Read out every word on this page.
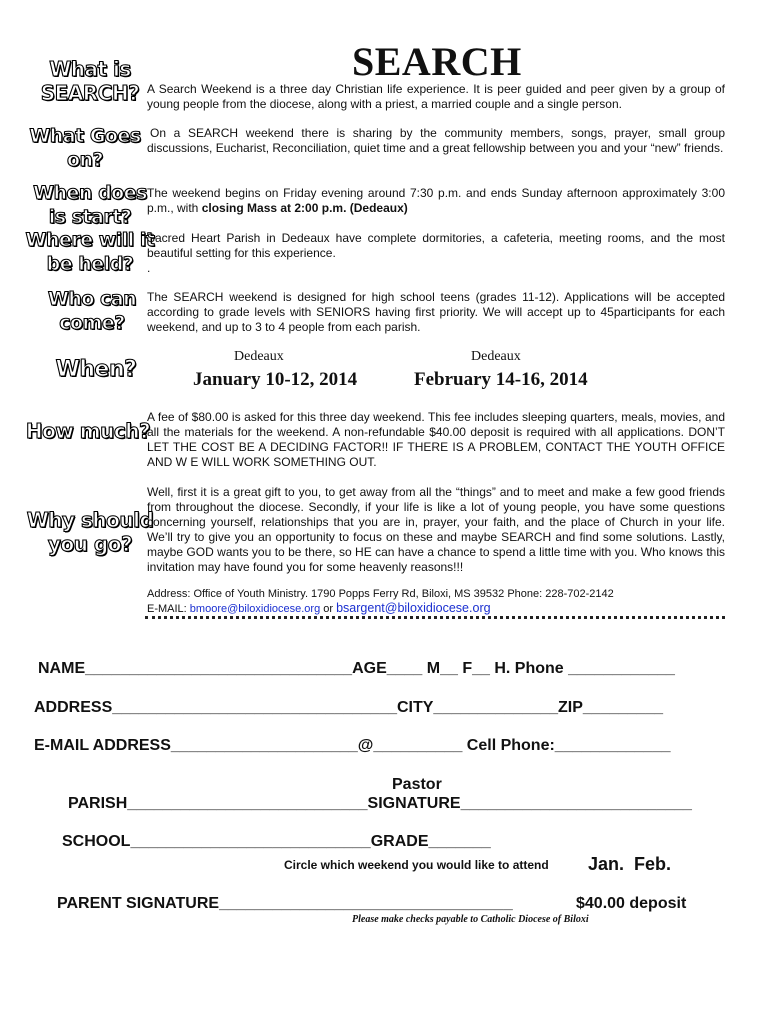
SEARCH
What is
SEARCH?
What Goes
on?
When does
is start?
Where will it
be held?
Who can
come?
When?
How much?
Why should
you go?
A Search Weekend is a three day Christian life experience. It is peer guided and peer given by a group of young people from the diocese, along with a priest, a married couple and a single person.
On a SEARCH weekend there is sharing by the community members, songs, prayer, small group discussions, Eucharist, Reconciliation, quiet time and a great fellowship between you and your “new” friends.
The weekend begins on Friday evening around 7:30 p.m. and ends Sunday afternoon approximately 3:00 p.m., with closing Mass at 2:00 p.m. (Dedeaux)
Sacred Heart Parish in Dedeaux have complete dormitories, a cafeteria, meeting rooms, and the most beautiful setting for this experience.
.
The SEARCH weekend is designed for high school teens (grades 11-12). Applications will be accepted according to grade levels with SENIORS having first priority. We will accept up to 45participants for each weekend, and up to 3 to 4 people from each parish.
Dedeaux
January 10-12, 2014
Dedeaux
February 14-16, 2014
A fee of $80.00 is asked for this three day weekend. This fee includes sleeping quarters, meals, movies, and all the materials for the weekend. A non-refundable $40.00 deposit is required with all applications. DON’T LET THE COST BE A DECIDING FACTOR!! IF THERE IS A PROBLEM, CONTACT THE YOUTH OFFICE AND W E WILL WORK SOMETHING OUT.
Well, first it is a great gift to you, to get away from all the “things” and to meet and make a few good friends from throughout the diocese. Secondly, if your life is like a lot of young people, you have some questions concerning yourself, relationships that you are in, prayer, your faith, and the place of Church in your life. We’ll try to give you an opportunity to focus on these and maybe SEARCH and find some solutions. Lastly, maybe GOD wants you to be there, so HE can have a chance to spend a little time with you. Who knows this invitation may have found you for some heavenly reasons!!!
Address: Office of Youth Ministry. 1790 Popps Ferry Rd, Biloxi, MS 39532 Phone: 228-702-2142
E-MAIL: bmoore@biloxidiocese.org or bsargent@biloxidiocese.org
NAME______________________________AGE____ M__ F__ H. Phone ____________
ADDRESS________________________________CITY______________ZIP_________
E-MAIL ADDRESS_____________________@__________ Cell Phone:_____________
Pastor
PARISH___________________________SIGNATURE__________________________
SCHOOL___________________________GRADE_______
Circle which weekend you would like to attend Jan. Feb.
PARENT SIGNATURE_________________________________	$40.00 deposit
Please make checks payable to Catholic Diocese of Biloxi
